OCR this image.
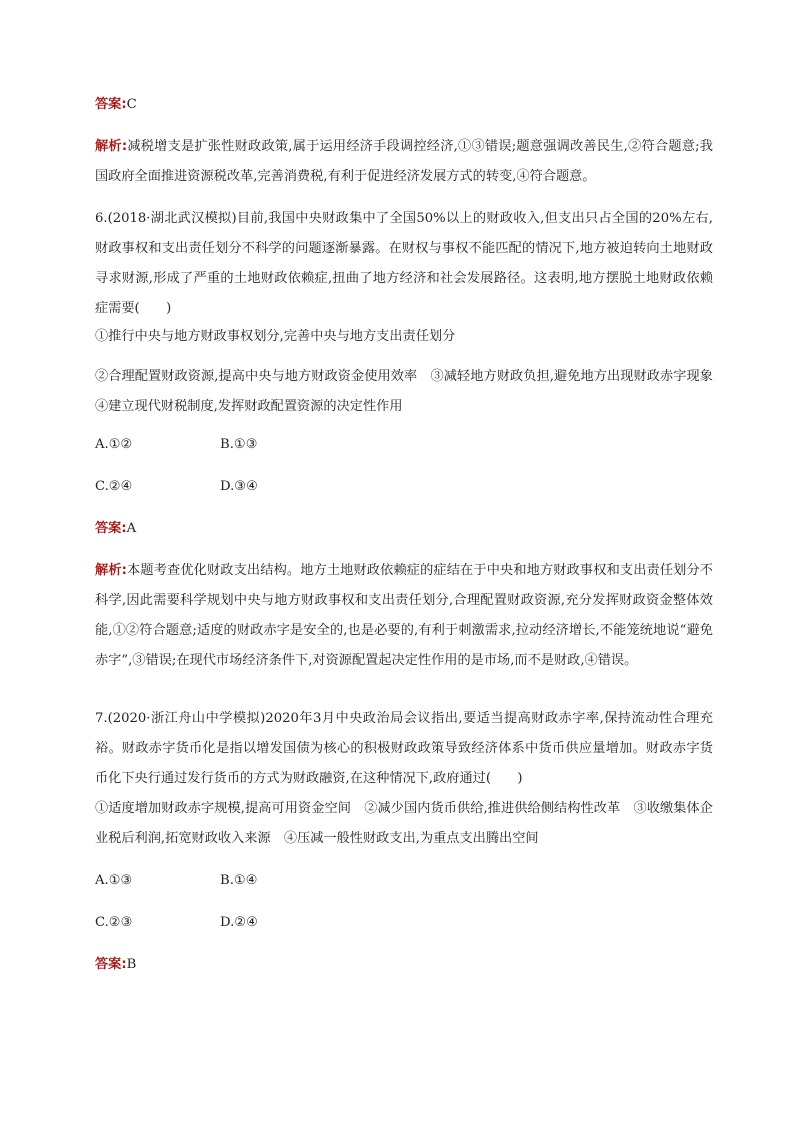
答案:C
解析:减税增支是扩张性财政政策,属于运用经济手段调控经济,①③错误;题意强调改善民生,②符合题意;我国政府全面推进资源税改革,完善消费税,有利于促进经济发展方式的转变,④符合题意。
6.(2018·湖北武汉模拟)目前,我国中央财政集中了全国50%以上的财政收入,但支出只占全国的20%左右,财政事权和支出责任划分不科学的问题逐渐暴露。在财权与事权不能匹配的情况下,地方被迫转向土地财政寻求财源,形成了严重的土地财政依赖症,扭曲了地方经济和社会发展路径。这表明,地方摆脱土地财政依赖症需要(　　)
①推行中央与地方财政事权划分,完善中央与地方支出责任划分
②合理配置财政资源,提高中央与地方财政资金使用效率　③减轻地方财政负担,避免地方出现财政赤字现象　④建立现代财税制度,发挥财政配置资源的决定性作用
A.①②	B.①③
C.②④	D.③④
答案:A
解析:本题考查优化财政支出结构。地方土地财政依赖症的症结在于中央和地方财政事权和支出责任划分不科学,因此需要科学规划中央与地方财政事权和支出责任划分,合理配置财政资源,充分发挥财政资金整体效能,①②符合题意;适度的财政赤字是安全的,也是必要的,有利于刺激需求,拉动经济增长,不能笼统地说“避免赤字”,③错误;在现代市场经济条件下,对资源配置起决定性作用的是市场,而不是财政,④错误。
7.(2020·浙江舟山中学模拟)2020年3月中央政治局会议指出,要适当提高财政赤字率,保持流动性合理充裕。财政赤字货币化是指以增发国债为核心的积极财政政策导致经济体系中货币供应量增加。财政赤字货币化下央行通过发行货币的方式为财政融资,在这种情况下,政府通过(　　)
①适度增加财政赤字规模,提高可用资金空间　②减少国内货币供给,推进供给侧结构性改革　③收缴集体企业税后利润,拓宽财政收入来源　④压减一般性财政支出,为重点支出腾出空间
A.①③	B.①④
C.②③	D.②④
答案:B
